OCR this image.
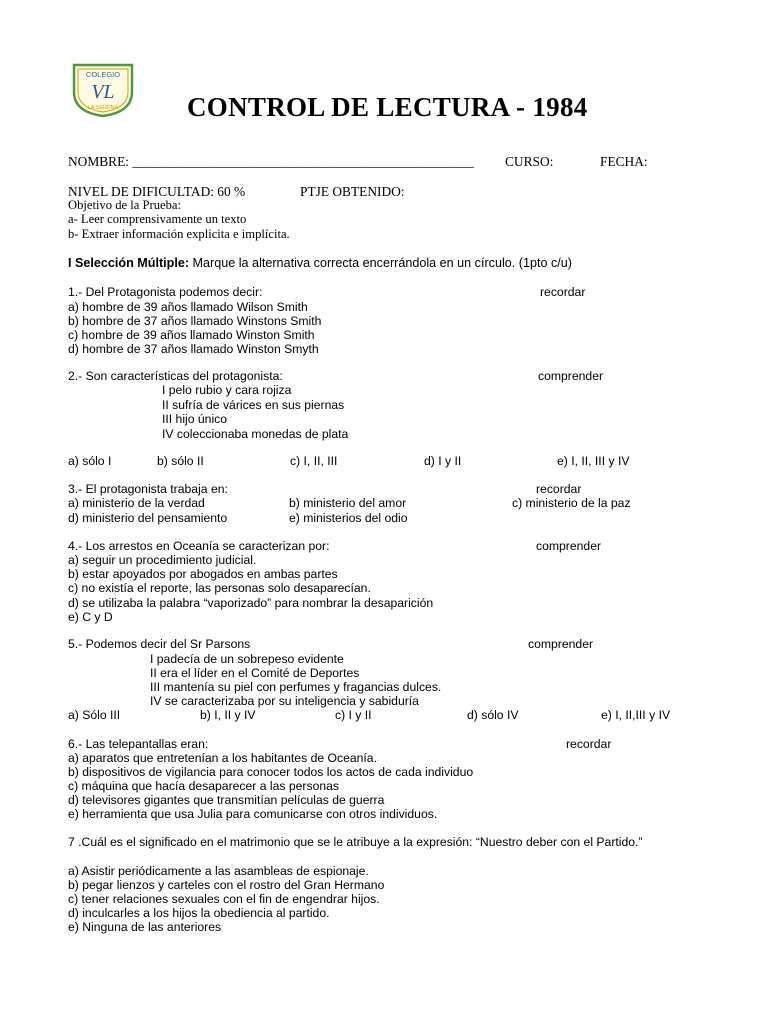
COLEGIO
VL
LA SERENA	CONTROL DE LECTURA - 1984
NOMBRE: ___________________________________________________ CURSO:	FECHA:
NIVEL DE DIFICULTAD: 60 %	PTJE OBTENIDO:
Objetivo de la Prueba:
a- Leer comprensivamente un texto
b- Extraer información explicita e implícita.
I Selección Múltiple: Marque la alternativa correcta encerrándola en un círculo. (1pto c/u)
1.- Del Protagonista podemos decir:	recordar
a) hombre de 39 años llamado Wilson Smith
b) hombre de 37 años llamado Winstons Smith
c) hombre de 39 años llamado Winston Smith
d) hombre de 37 años llamado Winston Smyth
2.- Son características del protagonista:	comprender
I pelo rubio y cara rojiza
II sufría de várices en sus piernas
III hijo único
IV coleccionaba monedas de plata
a) sólo I	b) sólo II	c) I, II, III	d) I y II	e) I, II, III y IV
3.- El protagonista trabaja en:	recordar
a) ministerio de la verdad	b) ministerio del amor	c) ministerio de la paz
d) ministerio del pensamiento	e) ministerios del odio
4.- Los arrestos en Oceanía se caracterizan por:	comprender
a) seguir un procedimiento judicial.
b) estar apoyados por abogados en ambas partes
c) no existía el reporte, las personas solo desaparecían.
d) se utilizaba la palabra “vaporizado” para nombrar la desaparición
e) C y D
5.- Podemos decir del Sr Parsons	comprender
I padecía de un sobrepeso evidente
II era el líder en el Comité de Deportes
III mantenía su piel con perfumes y fragancias dulces.
IV se caracterizaba por su inteligencia y sabiduría
a) Sólo III	b) I, II y IV	c) I y II	d) sólo IV	e) I, II,III y IV
6.- Las telepantallas eran:	recordar
a) aparatos que entretenían a los habitantes de Oceanía.
b) dispositivos de vigilancia para conocer todos los actos de cada individuo
c) máquina que hacía desaparecer a las personas
d) televisores gigantes que transmitían películas de guerra
e) herramienta que usa Julia para comunicarse con otros individuos.
7 .Cuál es el significado en el matrimonio que se le atribuye a la expresión: “Nuestro deber con el Partido.”
a) Asistir periódicamente a las asambleas de espionaje.
b) pegar lienzos y carteles con el rostro del Gran Hermano
c) tener relaciones sexuales con el fin de engendrar hijos.
d) inculcarles a los hijos la obediencia al partido.
e) Ninguna de las anteriores
